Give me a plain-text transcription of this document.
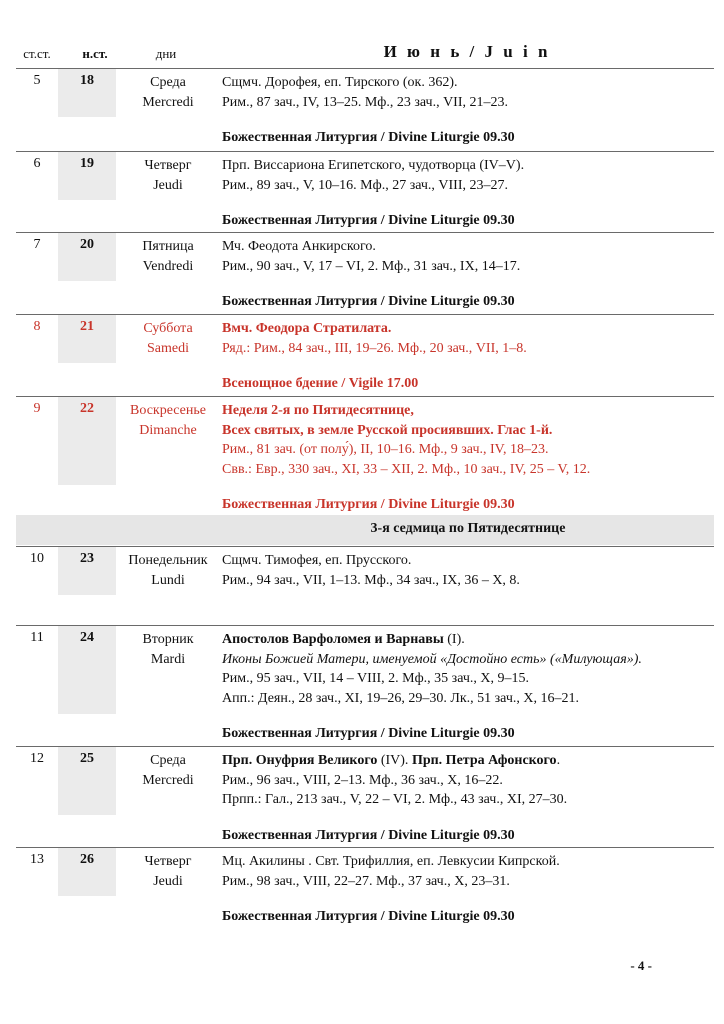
ст.ст.	н.ст.	дни	И ю н ь / J u i n
5	18	Среда
Mercredi
Сщмч. Дорофея, еп. Тирского (ок. 362).
Рим., 87 зач., IV, 13–25. Мф., 23 зач., VII, 21–23.
Божественная Литургия / Divine Liturgie 09.30
6	19	Четверг
Jeudi
Прп. Виссариона Египетского, чудотворца (IV–V).
Рим., 89 зач., V, 10–16. Мф., 27 зач., VIII, 23–27.
Божественная Литургия / Divine Liturgie 09.30
7	20	Пятница
Vendredi
Мч. Феодота Анкирского.
Рим., 90 зач., V, 17 – VI, 2. Мф., 31 зач., IX, 14–17.
Божественная Литургия / Divine Liturgie 09.30
8	21	Суббота
Samedi
Вмч. Феодора Стратилата.
Ряд.: Рим., 84 зач., III, 19–26. Мф., 20 зач., VII, 1–8.
Всенощное бдение / Vigile 17.00
9	22	Воскресенье
Dimanche
Неделя 2-я по Пятидесятнице,
Всех святых, в земле Русской просиявших. Глас 1-й.
Рим., 81 зач. (от полу́), II, 10–16. Мф., 9 зач., IV, 18–23.
Свв.: Евр., 330 зач., XI, 33 – XII, 2. Мф., 10 зач., IV, 25 – V, 12.
Божественная Литургия / Divine Liturgie 09.30
3-я седмица по Пятидесятнице
10	23	Понедельник
Lundi
Сщмч. Тимофея, еп. Прусского.
Рим., 94 зач., VII, 1–13. Мф., 34 зач., IX, 36 – X, 8.
11	24	Вторник
Mardi
Апостолов Варфоломея и Варнавы (I).
Иконы Божией Матери, именуемой «Достойно есть» («Милующая»).
Рим., 95 зач., VII, 14 – VIII, 2. Мф., 35 зач., X, 9–15.
Апп.: Деян., 28 зач., XI, 19–26, 29–30. Лк., 51 зач., X, 16–21.
Божественная Литургия / Divine Liturgie 09.30
12	25	Среда
Mercredi
Прп. Онуфрия Великого (IV). Прп. Петра Афонского.
Рим., 96 зач., VIII, 2–13. Мф., 36 зач., X, 16–22.
Прпп.: Гал., 213 зач., V, 22 – VI, 2. Мф., 43 зач., XI, 27–30.
Божественная Литургия / Divine Liturgie 09.30
13	26	Четверг
Jeudi
Мц. Акилины . Свт. Трифиллия, еп. Левкусии Кипрской.
Рим., 98 зач., VIII, 22–27. Мф., 37 зач., X, 23–31.
Божественная Литургия / Divine Liturgie 09.30
- 4 -
